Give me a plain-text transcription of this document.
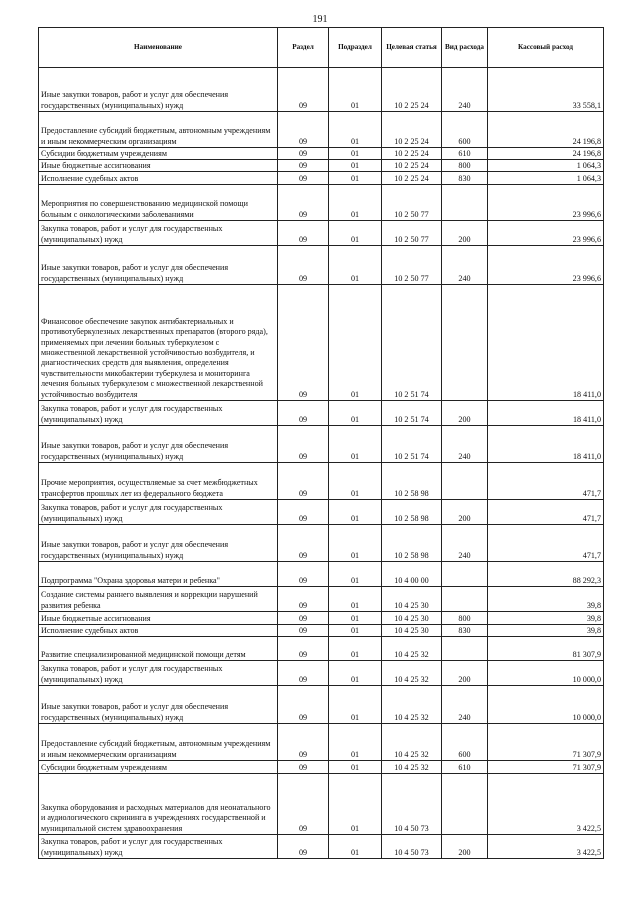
191
Наименование	Раздел	Подраздел	Целевая статья	Вид расхода	Кассовый расход
Иные закупки товаров, работ и услуг для обеспечения государственных (муниципальных) нужд	09	01	10 2 25 24	240	33 558,1
Предоставление субсидий бюджетным, автономным учреждениям и иным некоммерческим организациям	09	01	10 2 25 24	600	24 196,8
Субсидии бюджетным учреждениям	09	01	10 2 25 24	610	24 196,8
Иные бюджетные ассигнования	09	01	10 2 25 24	800	1 064,3
Исполнение судебных актов	09	01	10 2 25 24	830	1 064,3
Мероприятия по совершенствованию медицинской помощи больным с онкологическими заболеваниями	09	01	10 2 50 77		23 996,6
Закупка товаров, работ и услуг для государственных (муниципальных) нужд	09	01	10 2 50 77	200	23 996,6
Иные закупки товаров, работ и услуг для обеспечения государственных (муниципальных) нужд	09	01	10 2 50 77	240	23 996,6
Финансовое обеспечение закупок антибактериальных и противотуберкулезных лекарственных препаратов (второго ряда), применяемых при лечении больных туберкулезом с множественной лекарственной устойчивостью возбудителя, и диагностических средств для выявления, определения чувствительности микобактерии туберкулеза и мониторинга лечения больных туберкулезом с множественной лекарственной устойчивостью возбудителя	09	01	10 2 51 74		18 411,0
Закупка товаров, работ и услуг для государственных (муниципальных) нужд	09	01	10 2 51 74	200	18 411,0
Иные закупки товаров, работ и услуг для обеспечения государственных (муниципальных) нужд	09	01	10 2 51 74	240	18 411,0
Прочие мероприятия, осуществляемые за счет межбюджетных трансфертов прошлых лет из федерального бюджета	09	01	10 2 58 98		471,7
Закупка товаров, работ и услуг для государственных (муниципальных) нужд	09	01	10 2 58 98	200	471,7
Иные закупки товаров, работ и услуг для обеспечения государственных (муниципальных) нужд	09	01	10 2 58 98	240	471,7
Подпрограмма "Охрана здоровья матери и ребенка"	09	01	10 4 00 00		88 292,3
Создание системы раннего выявления и коррекции нарушений развития ребенка	09	01	10 4 25 30		39,8
Иные бюджетные ассигнования	09	01	10 4 25 30	800	39,8
Исполнение судебных актов	09	01	10 4 25 30	830	39,8
Развитие специализированной медицинской помощи детям	09	01	10 4 25 32		81 307,9
Закупка товаров, работ и услуг для государственных (муниципальных) нужд	09	01	10 4 25 32	200	10 000,0
Иные закупки товаров, работ и услуг для обеспечения государственных (муниципальных) нужд	09	01	10 4 25 32	240	10 000,0
Предоставление субсидий бюджетным, автономным учреждениям и иным некоммерческим организациям	09	01	10 4 25 32	600	71 307,9
Субсидии бюджетным учреждениям	09	01	10 4 25 32	610	71 307,9
Закупка оборудования и расходных материалов для неонатального и аудиологического скрининга в учреждениях государственной и муниципальной систем здравоохранения	09	01	10 4 50 73		3 422,5
Закупка товаров, работ и услуг для государственных (муниципальных) нужд	09	01	10 4 50 73	200	3 422,5
